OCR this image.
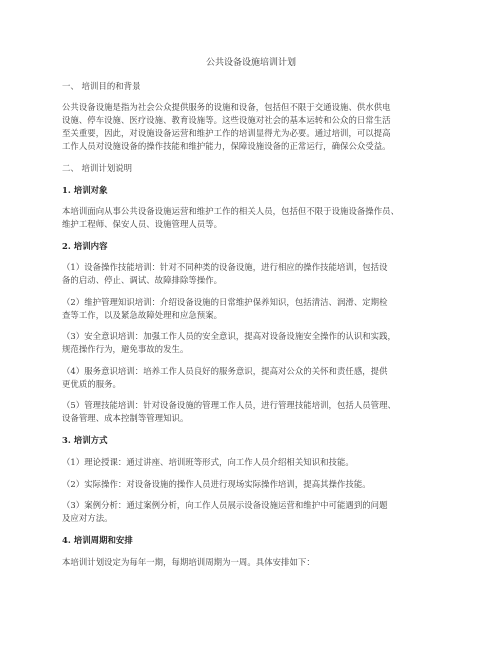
公共设备设施培训计划
一、 培训目的和背景
公共设备设施是指为社会公众提供服务的设施和设备，包括但不限于交通设施、供水供电
设施、停车设施、医疗设施、教育设施等。这些设施对社会的基本运转和公众的日常生活
至关重要，因此，对设施设备运营和维护工作的培训显得尤为必要。通过培训，可以提高
工作人员对设施设备的操作技能和维护能力，保障设施设备的正常运行，确保公众受益。
二、 培训计划说明
1. 培训对象
本培训面向从事公共设备设施运营和维护工作的相关人员，包括但不限于设施设备操作员、
维护工程师、保安人员、设施管理人员等。
2. 培训内容
（1）设备操作技能培训：针对不同种类的设备设施，进行相应的操作技能培训，包括设
备的启动、停止、调试、故障排除等操作。
（2）维护管理知识培训：介绍设备设施的日常维护保养知识，包括清洁、润滑、定期检
查等工作，以及紧急故障处理和应急预案。
（3）安全意识培训：加强工作人员的安全意识，提高对设备设施安全操作的认识和实践，
规范操作行为，避免事故的发生。
（4）服务意识培训：培养工作人员良好的服务意识，提高对公众的关怀和责任感，提供
更优质的服务。
（5）管理技能培训：针对设备设施的管理工作人员，进行管理技能培训，包括人员管理、
设备管理、成本控制等管理知识。
3. 培训方式
（1）理论授课：通过讲座、培训班等形式，向工作人员介绍相关知识和技能。
（2）实际操作：对设备设施的操作人员进行现场实际操作培训，提高其操作技能。
（3）案例分析：通过案例分析，向工作人员展示设备设施运营和维护中可能遇到的问题
及应对方法。
4. 培训周期和安排
本培训计划设定为每年一期，每期培训周期为一周。具体安排如下：
